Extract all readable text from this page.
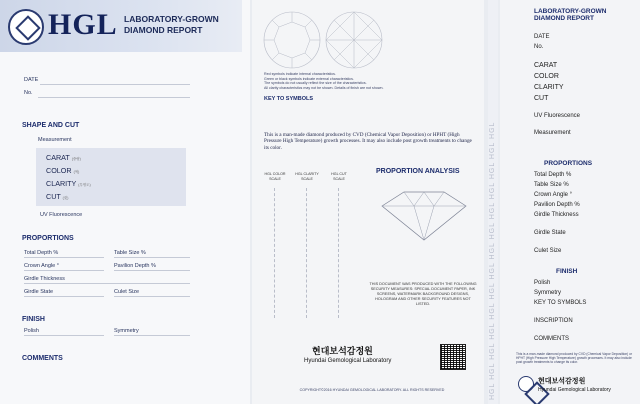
HGL LABORATORY-GROWN
DIAMOND REPORT
DATE
No.
SHAPE AND CUT
Measurement
CARAT (중량)
COLOR (색)
CLARITY (투명도)
CUT (컷)
UV Fluorescence
PROPORTIONS
Total Depth %	Table Size %
Crown Angle °	Pavilion Depth %
Girdle Thickness
Girdle State	Culet Size
FINISH
Polish	Symmetry
COMMENTS
Red symbols indicate internal characteristics.
Green or black symbols indicate external characteristics.
The symbols do not usually reflect the size of the characteristics.
All clarity characteristics may not be shown. Details of finish are not shown.
KEY TO SYMBOLS
This is a man-made diamond produced by CVD (Chemical Vapor Deposition) or HPHT (High Pressure High Temperature) growth processes. It may also include post growth treatments to change its color.
HGL COLOR SCALE
HGL CLARITY SCALE
HGL CUT SCALE
PROPORTION ANALYSIS
THIS DOCUMENT WAS PRODUCED WITH THE FOLLOWING SECURITY MEASURES: SPECIAL DOCUMENT PAPER, INK SCREENS, WATERMARK BACKGROUND DESIGNS, HOLOGRAM AND OTHER SECURITY FEATURES NOT LISTED.
현대보석감정원
Hyundai Gemological Laboratory
COPYRIGHT©2016 HYUNDAI GEMOLOGICAL LABORATORY. ALL RIGHTS RESERVED	HGL HGL HGL HGL HGL HGL HGL HGL HGL HGL HGL HGL HGL HGL
LABORATORY-GROWN
DIAMOND REPORT
DATE
No.
CARAT
COLOR
CLARITY
CUT
UV Fluorescence
Measurement
PROPORTIONS
Total Depth %
Table Size %
Crown Angle °
Pavilion Depth %
Girdle Thickness
Girdle State
Culet Size
FINISH
Polish
Symmetry
KEY TO SYMBOLS
INSCRIPTION
COMMENTS
This is a man-made diamond produced by CVD (Chemical Vapor Deposition) or HPHT (High Pressure High Temperature) growth processes. It may also include post growth treatments to change its color.
현대보석감정원
Hyundai Gemological Laboratory
